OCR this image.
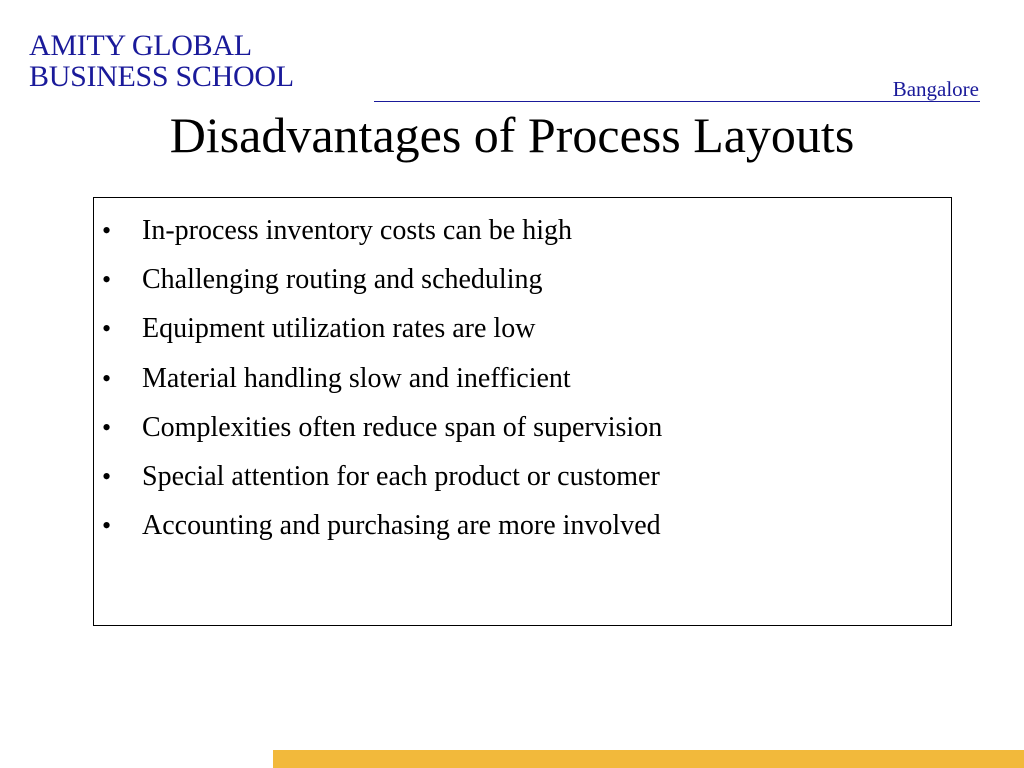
AMITY GLOBAL
BUSINESS SCHOOL	Bangalore
Disadvantages of Process Layouts
•	In-process inventory costs can be high
•	Challenging routing and scheduling
•	Equipment utilization rates are low
•	Material handling slow and inefficient
•	Complexities often reduce span of supervision
•	Special attention for each product or customer
•	Accounting and purchasing are more involved
